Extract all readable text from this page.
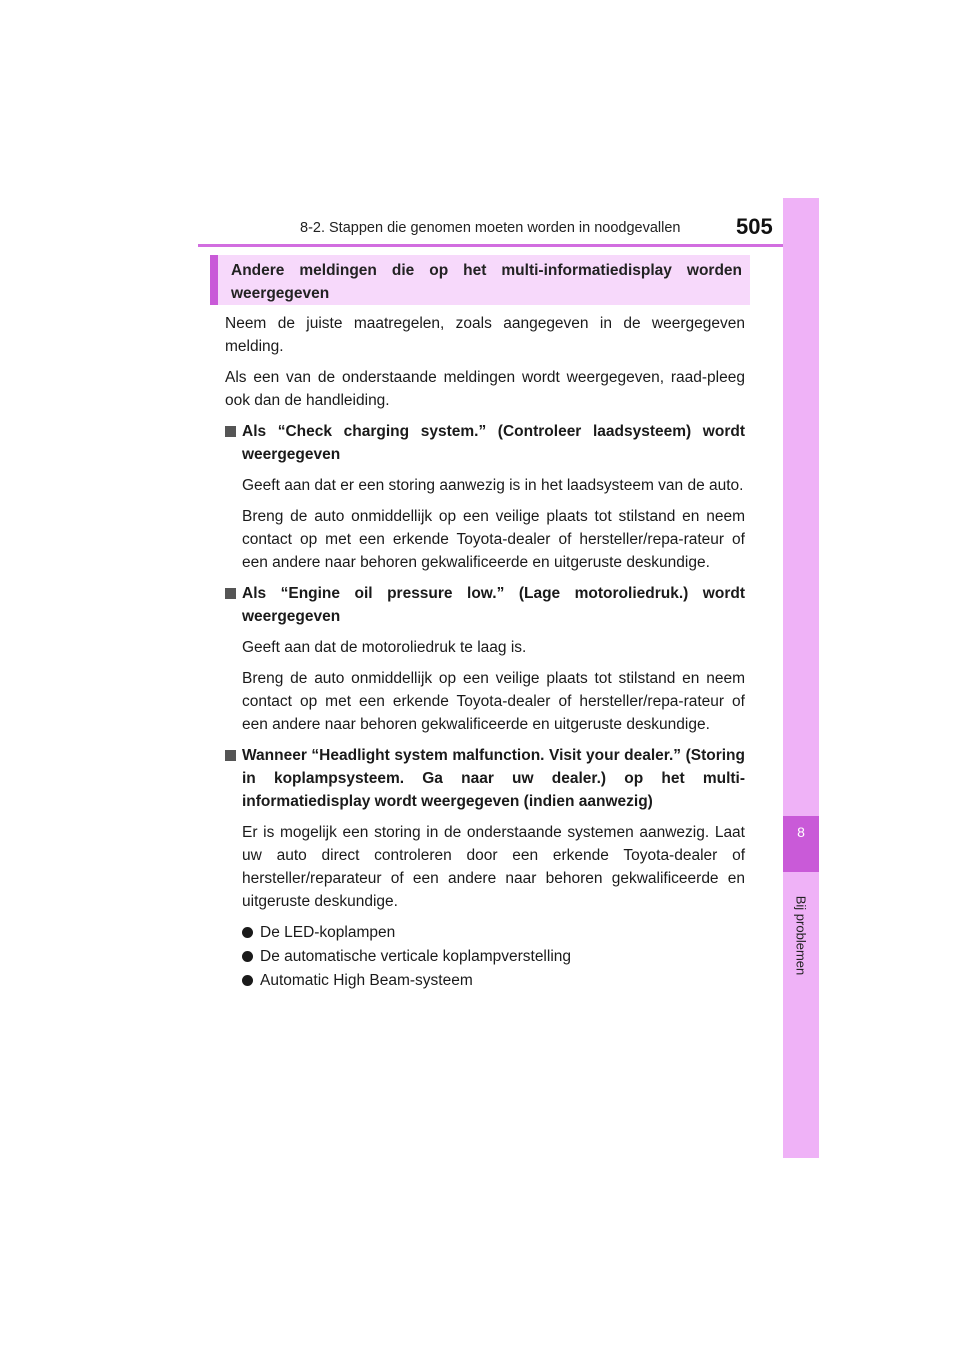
8-2. Stappen die genomen moeten worden in noodgevallen	505
8
Bij problemen

Andere meldingen die op het multi-informatiedisplay worden weergegeven

Neem de juiste maatregelen, zoals aangegeven in de weergegeven melding.

Als een van de onderstaande meldingen wordt weergegeven, raad-pleeg ook dan de handleiding.

Als “Check charging system.” (Controleer laadsysteem) wordt weergegeven

Geeft aan dat er een storing aanwezig is in het laadsysteem van de auto.

Breng de auto onmiddellijk op een veilige plaats tot stilstand en neem contact op met een erkende Toyota-dealer of hersteller/repa-rateur of een andere naar behoren gekwalificeerde en uitgeruste deskundige.

Als “Engine oil pressure low.” (Lage motoroliedruk.) wordt weergegeven

Geeft aan dat de motoroliedruk te laag is.

Breng de auto onmiddellijk op een veilige plaats tot stilstand en neem contact op met een erkende Toyota-dealer of hersteller/repa-rateur of een andere naar behoren gekwalificeerde en uitgeruste deskundige.

Wanneer “Headlight system malfunction. Visit your dealer.” (Storing in koplampsysteem. Ga naar uw dealer.) op het multi-informatiedisplay wordt weergegeven (indien aanwezig)

Er is mogelijk een storing in de onderstaande systemen aanwezig. Laat uw auto direct controleren door een erkende Toyota-dealer of hersteller/reparateur of een andere naar behoren gekwalificeerde en uitgeruste deskundige.

De LED-koplampen
De automatische verticale koplampverstelling
Automatic High Beam-systeem
